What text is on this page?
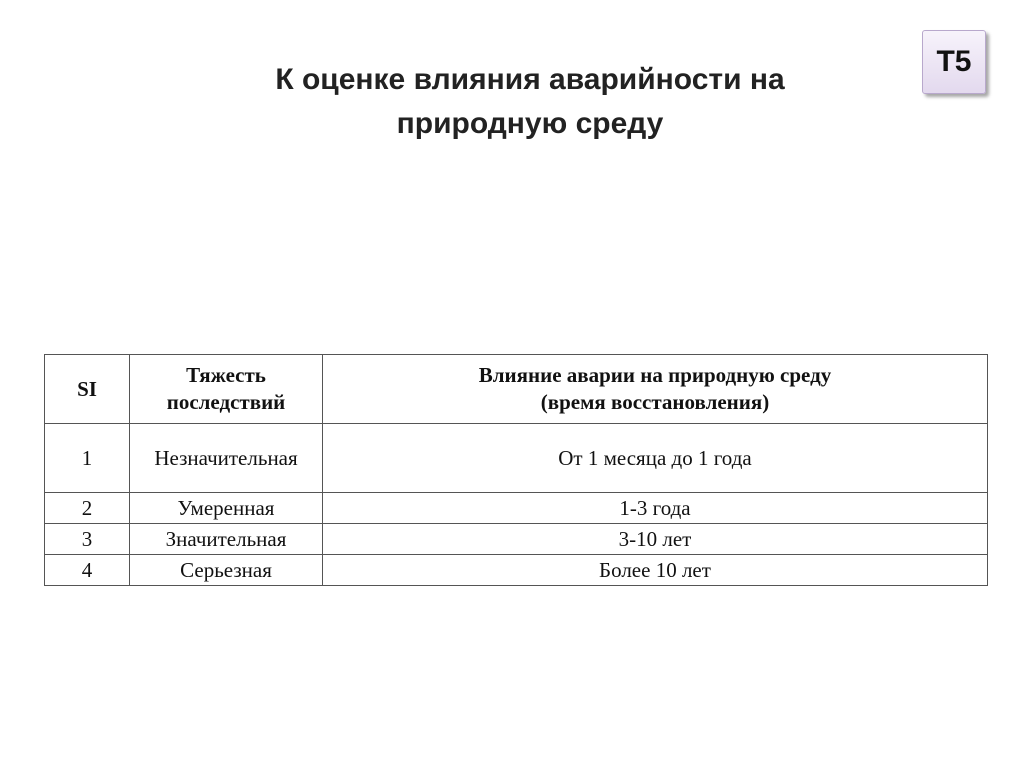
К оценке влияния аварийности на
природную среду
Т5
SI	Тяжесть последствий	Влияние аварии на природную среду
(время восстановления)

1	Незначительная	От 1 месяца до 1 года
2	Умеренная	1-3 года
3	Значительная	3-10 лет
4	Серьезная	Более 10 лет
